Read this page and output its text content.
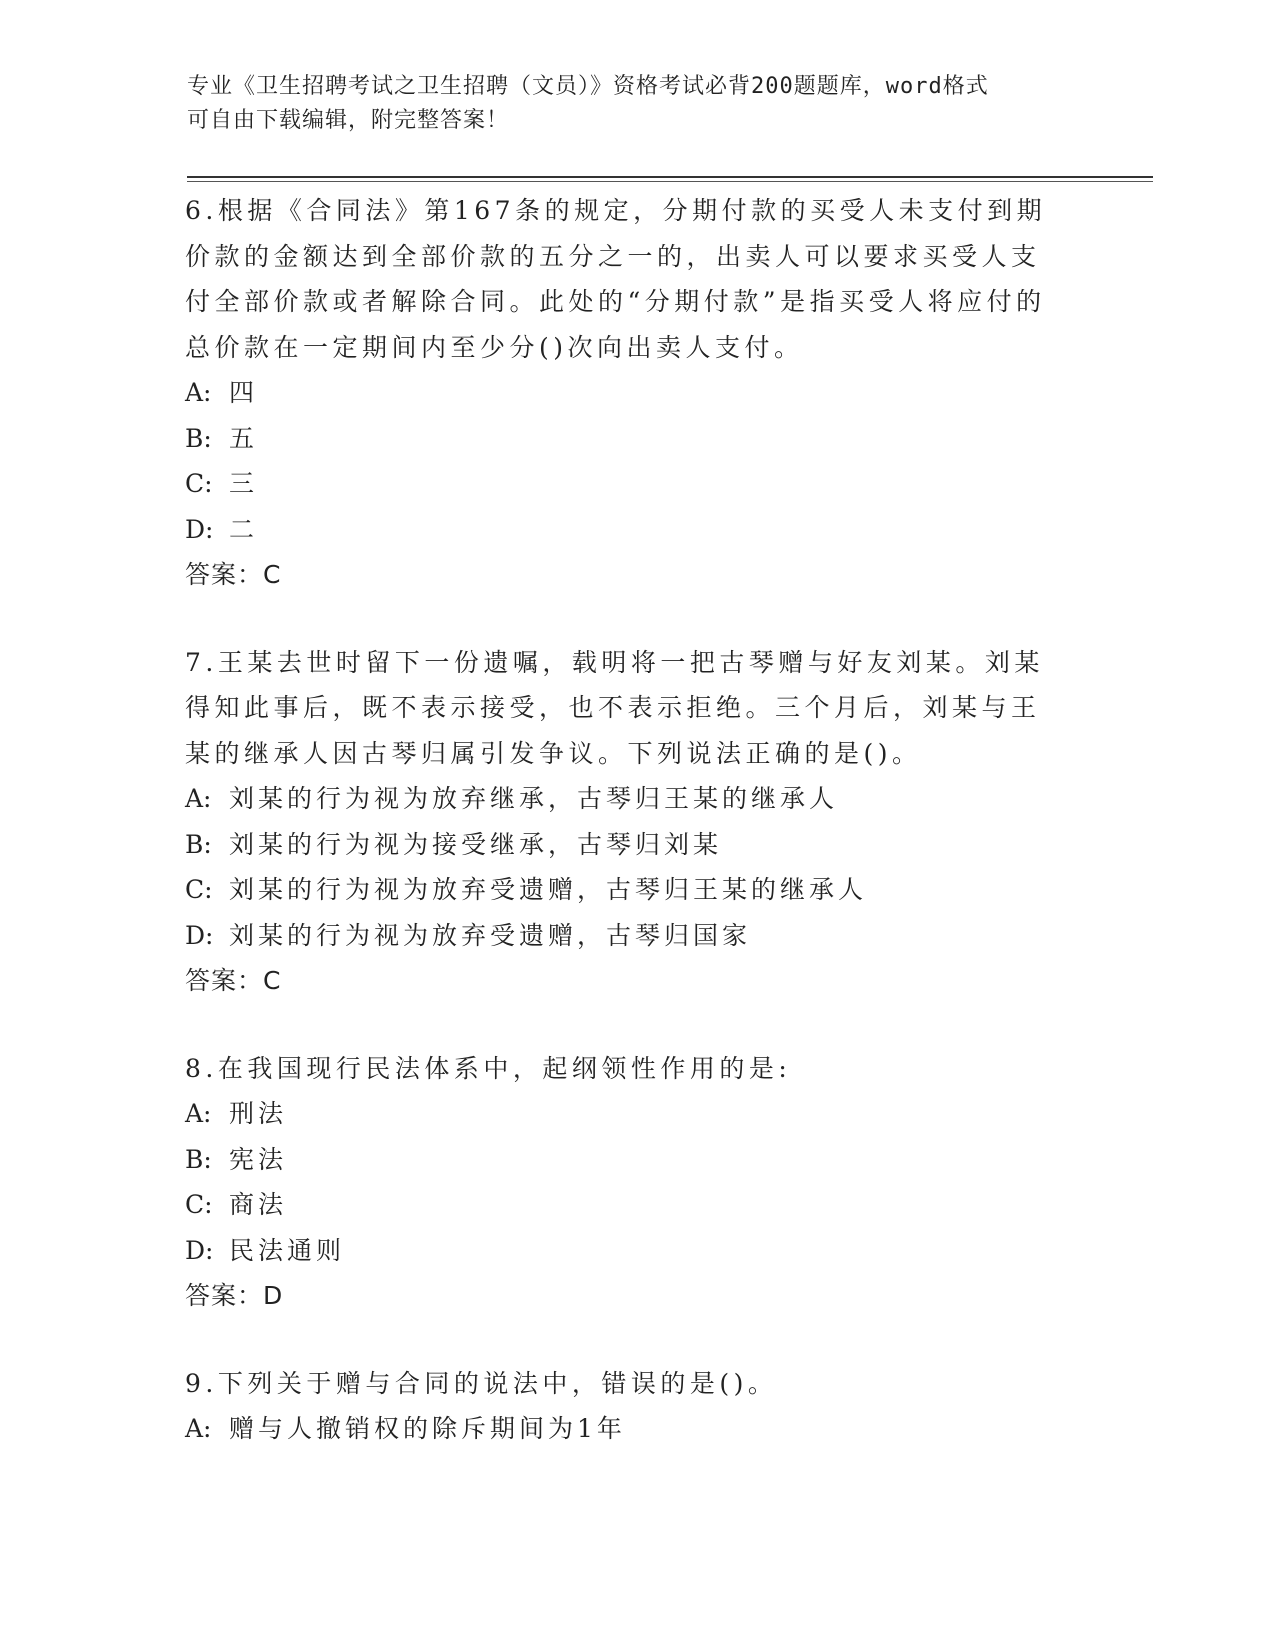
专业《卫生招聘考试之卫生招聘（文员）》资格考试必背200题题库，word格式
可自由下载编辑，附完整答案！

6.根据《合同法》第167条的规定，分期付款的买受人未支付到期价款的金额达到全部价款的五分之一的，出卖人可以要求买受人支付全部价款或者解除合同。此处的“分期付款”是指买受人将应付的总价款在一定期间内至少分()次向出卖人支付。

A: 四
B: 五
C: 三
D: 二
答案：C

7.王某去世时留下一份遗嘱，载明将一把古琴赠与好友刘某。刘某得知此事后，既不表示接受，也不表示拒绝。三个月后，刘某与王某的继承人因古琴归属引发争议。下列说法正确的是()。

A: 刘某的行为视为放弃继承，古琴归王某的继承人
B: 刘某的行为视为接受继承，古琴归刘某
C: 刘某的行为视为放弃受遗赠，古琴归王某的继承人
D: 刘某的行为视为放弃受遗赠，古琴归国家
答案：C

8.在我国现行民法体系中，起纲领性作用的是:

A: 刑法
B: 宪法
C: 商法
D: 民法通则
答案：D

9.下列关于赠与合同的说法中，错误的是()。

A: 赠与人撤销权的除斥期间为1年
